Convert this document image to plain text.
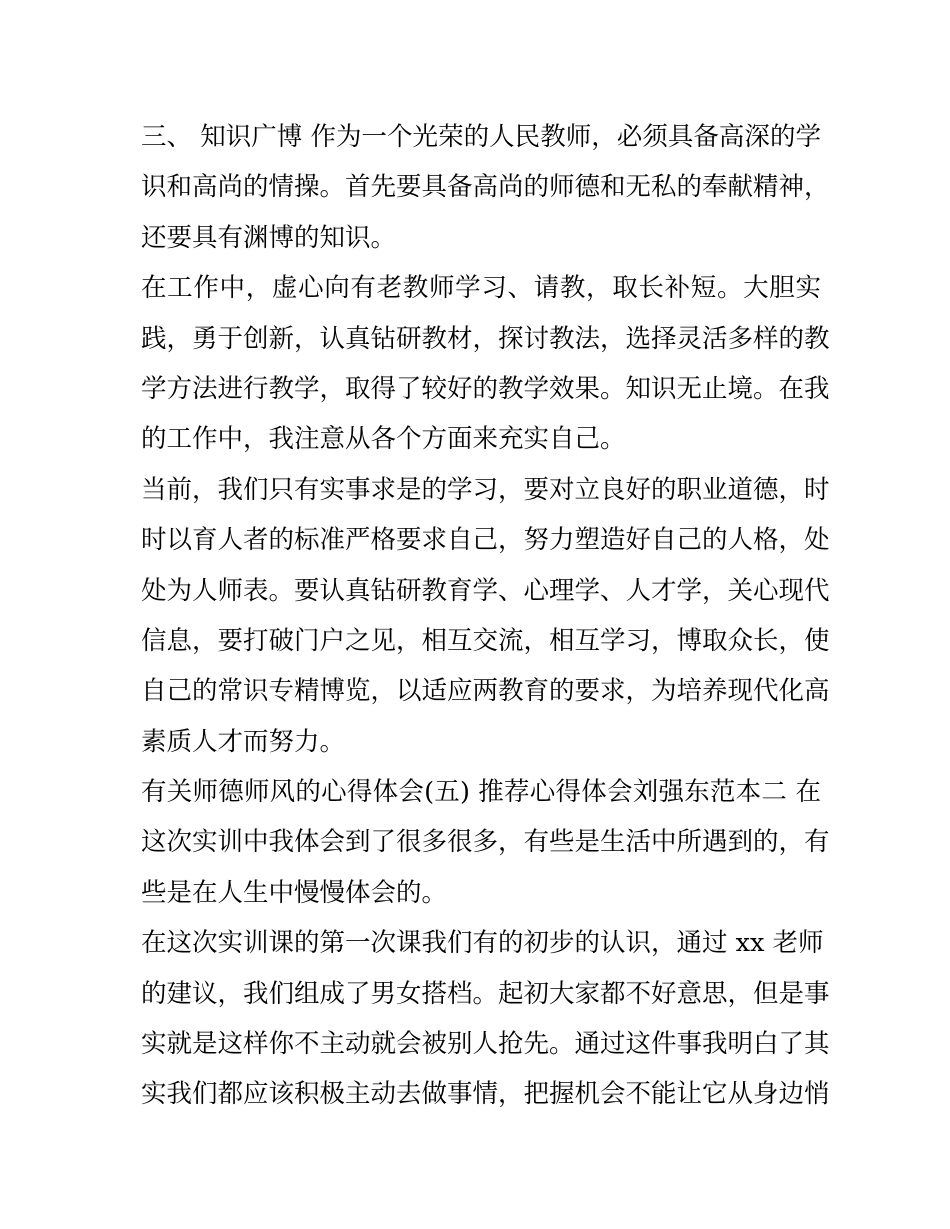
三、 知识广博 作为一个光荣的人民教师，必须具备高深的学
识和高尚的情操。首先要具备高尚的师德和无私的奉献精神，
还要具有渊博的知识。
在工作中，虚心向有老教师学习、请教，取长补短。大胆实
践，勇于创新，认真钻研教材，探讨教法，选择灵活多样的教
学方法进行教学，取得了较好的教学效果。知识无止境。在我
的工作中，我注意从各个方面来充实自己。
当前，我们只有实事求是的学习，要对立良好的职业道德，时
时以育人者的标准严格要求自己，努力塑造好自己的人格，处
处为人师表。要认真钻研教育学、心理学、人才学，关心现代
信息，要打破门户之见，相互交流，相互学习，博取众长，使
自己的常识专精博览，以适应两教育的要求，为培养现代化高
素质人才而努力。
有关师德师风的心得体会(五) 推荐心得体会刘强东范本二 在
这次实训中我体会到了很多很多，有些是生活中所遇到的，有
些是在人生中慢慢体会的。
在这次实训课的第一次课我们有的初步的认识，通过 xx 老师
的建议，我们组成了男女搭档。起初大家都不好意思，但是事
实就是这样你不主动就会被别人抢先。通过这件事我明白了其
实我们都应该积极主动去做事情，把握机会不能让它从身边悄
